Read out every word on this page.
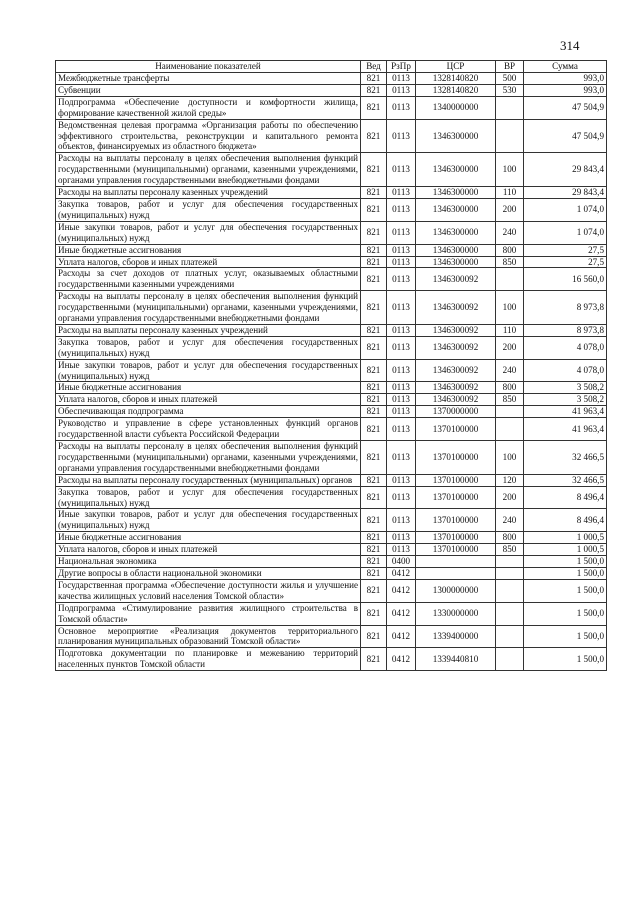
314
Наименование показателей	Вед	РзПр	ЦСР	ВР	Сумма
Межбюджетные трансферты	821	0113	1328140820	500	993,0
Субвенции	821	0113	1328140820	530	993,0
Подпрограмма «Обеспечение доступности и комфортности жилища, формирование качественной жилой среды»	821	0113	1340000000		47 504,9
Ведомственная целевая программа «Организация работы по обеспечению эффективного строительства, реконструкции и капитального ремонта объектов, финансируемых из областного бюджета»	821	0113	1346300000		47 504,9
Расходы на выплаты персоналу в целях обеспечения выполнения функций государственными (муниципальными) органами, казенными учреждениями, органами управления государственными внебюджетными фондами	821	0113	1346300000	100	29 843,4
Расходы на выплаты персоналу казенных учреждений	821	0113	1346300000	110	29 843,4
Закупка товаров, работ и услуг для обеспечения государственных (муниципальных) нужд	821	0113	1346300000	200	1 074,0
Иные закупки товаров, работ и услуг для обеспечения государственных (муниципальных) нужд	821	0113	1346300000	240	1 074,0
Иные бюджетные ассигнования	821	0113	1346300000	800	27,5
Уплата налогов, сборов и иных платежей	821	0113	1346300000	850	27,5
Расходы за счет доходов от платных услуг, оказываемых областными государственными казенными учреждениями	821	0113	1346300092		16 560,0
Расходы на выплаты персоналу в целях обеспечения выполнения функций государственными (муниципальными) органами, казенными учреждениями, органами управления государственными внебюджетными фондами	821	0113	1346300092	100	8 973,8
Расходы на выплаты персоналу казенных учреждений	821	0113	1346300092	110	8 973,8
Закупка товаров, работ и услуг для обеспечения государственных (муниципальных) нужд	821	0113	1346300092	200	4 078,0
Иные закупки товаров, работ и услуг для обеспечения государственных (муниципальных) нужд	821	0113	1346300092	240	4 078,0
Иные бюджетные ассигнования	821	0113	1346300092	800	3 508,2
Уплата налогов, сборов и иных платежей	821	0113	1346300092	850	3 508,2
Обеспечивающая подпрограмма	821	0113	1370000000		41 963,4
Руководство и управление в сфере установленных функций органов государственной власти субъекта Российской Федерации	821	0113	1370100000		41 963,4
Расходы на выплаты персоналу в целях обеспечения выполнения функций государственными (муниципальными) органами, казенными учреждениями, органами управления государственными внебюджетными фондами	821	0113	1370100000	100	32 466,5
Расходы на выплаты персоналу государственных (муниципальных) органов	821	0113	1370100000	120	32 466,5
Закупка товаров, работ и услуг для обеспечения государственных (муниципальных) нужд	821	0113	1370100000	200	8 496,4
Иные закупки товаров, работ и услуг для обеспечения государственных (муниципальных) нужд	821	0113	1370100000	240	8 496,4
Иные бюджетные ассигнования	821	0113	1370100000	800	1 000,5
Уплата налогов, сборов и иных платежей	821	0113	1370100000	850	1 000,5
Национальная экономика	821	0400			1 500,0
Другие вопросы в области национальной экономики	821	0412			1 500,0
Государственная программа «Обеспечение доступности жилья и улучшение качества жилищных условий населения Томской области»	821	0412	1300000000		1 500,0
Подпрограмма «Стимулирование развития жилищного строительства в Томской области»	821	0412	1330000000		1 500,0
Основное мероприятие «Реализация документов территориального планирования муниципальных образований Томской области»	821	0412	1339400000		1 500,0
Подготовка документации по планировке и межеванию территорий населенных пунктов Томской области	821	0412	1339440810		1 500,0
